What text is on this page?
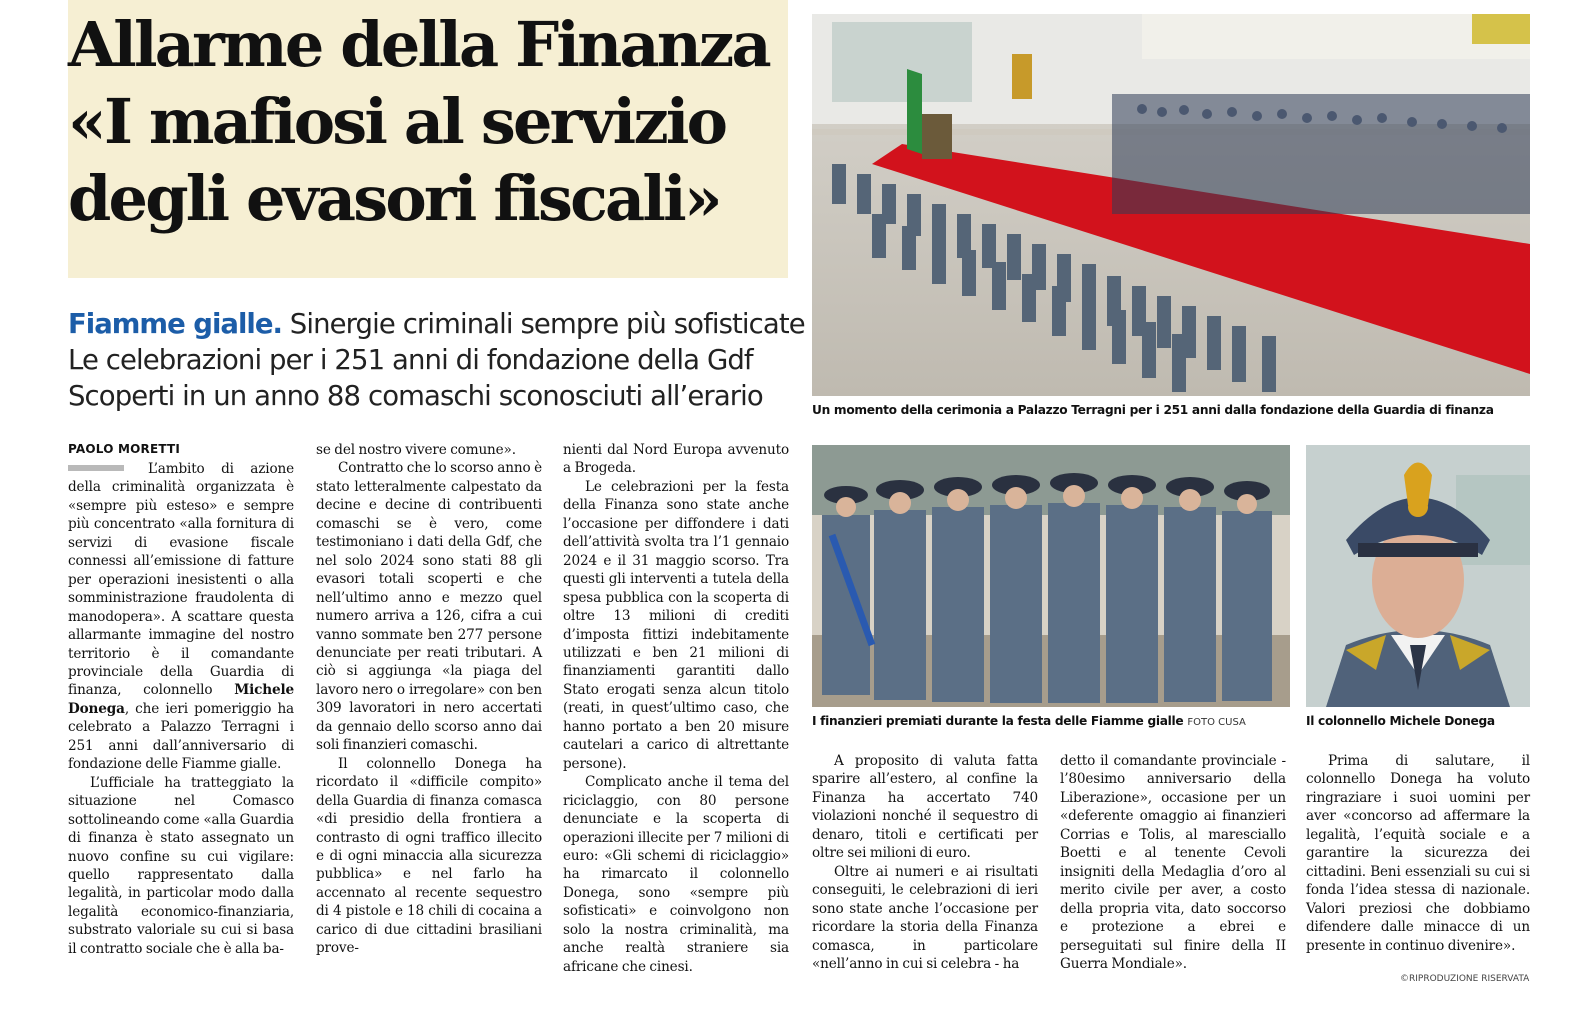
Allarme della Finanza
«I mafiosi al servizio
degli evasori fiscali»
Fiamme gialle. Sinergie criminali sempre più sofisticate
Le celebrazioni per i 251 anni di fondazione della Gdf
Scoperti in un anno 88 comaschi sconosciuti all’erario
PAOLO MORETTI

L’ambito di azione della criminalità organizzata è «sempre più esteso» e sempre più concentrato «alla fornitura di servizi di evasione fiscale connessi all’emissione di fatture per operazioni inesistenti o alla somministrazione fraudolenta di manodopera». A scattare questa allarmante immagine del nostro territorio è il comandante provinciale della Guardia di finanza, colonnello Michele Donega, che ieri pomeriggio ha celebrato a Palazzo Terragni i 251 anni dall’anniversario di fondazione delle Fiamme gialle.

L’ufficiale ha tratteggiato la situazione nel Comasco sottolineando come «alla Guardia di finanza è stato assegnato un nuovo confine su cui vigilare: quello rappresentato dalla legalità, in particolar modo dalla legalità economico-finanziaria, substrato valoriale su cui si basa il contratto sociale che è alla ba-

se del nostro vivere comune».

Contratto che lo scorso anno è stato letteralmente calpestato da decine e decine di contribuenti comaschi se è vero, come testimoniano i dati della Gdf, che nel solo 2024 sono stati 88 gli evasori totali scoperti e che nell’ultimo anno e mezzo quel numero arriva a 126, cifra a cui vanno sommate ben 277 persone denunciate per reati tributari. A ciò si aggiunga «la piaga del lavoro nero o irregolare» con ben 309 lavoratori in nero accertati da gennaio dello scorso anno dai soli finanzieri comaschi.

Il colonnello Donega ha ricordato il «difficile compito» della Guardia di finanza comasca «di presidio della frontiera a contrasto di ogni traffico illecito e di ogni minaccia alla sicurezza pubblica» e nel farlo ha accennato al recente sequestro di 4 pistole e 18 chili di cocaina a carico di due cittadini brasiliani prove-

nienti dal Nord Europa avvenuto a Brogeda.

Le celebrazioni per la festa della Finanza sono state anche l’occasione per diffondere i dati dell’attività svolta tra l’1 gennaio 2024 e il 31 maggio scorso. Tra questi gli interventi a tutela della spesa pubblica con la scoperta di oltre 13 milioni di crediti d’imposta fittizi indebitamente utilizzati e ben 21 milioni di finanziamenti garantiti dallo Stato erogati senza alcun titolo (reati, in quest’ultimo caso, che hanno portato a ben 20 misure cautelari a carico di altrettante persone).

Complicato anche il tema del riciclaggio, con 80 persone denunciate e la scoperta di operazioni illecite per 7 milioni di euro: «Gli schemi di riciclaggio» ha rimarcato il colonnello Donega, sono «sempre più sofisticati» e coinvolgono non solo la nostra criminalità, ma anche realtà straniere sia africane che cinesi.

Un momento della cerimonia a Palazzo Terragni per i 251 anni dalla fondazione della Guardia di finanza
I finanzieri premiati durante la festa delle Fiamme gialle FOTO CUSA	Il colonnello Michele Donega

A proposito di valuta fatta sparire all’estero, al confine la Finanza ha accertato 740 violazioni nonché il sequestro di denaro, titoli e certificati per oltre sei milioni di euro.

Oltre ai numeri e ai risultati conseguiti, le celebrazioni di ieri sono state anche l’occasione per ricordare la storia della Finanza comasca, in particolare «nell’anno in cui si celebra - ha

detto il comandante provinciale - l’80esimo anniversario della Liberazione», occasione per un «deferente omaggio ai finanzieri Corrias e Tolis, al maresciallo Boetti e al tenente Cevoli insigniti della Medaglia d’oro al merito civile per aver, a costo della propria vita, dato soccorso e protezione a ebrei e perseguitati sul finire della II Guerra Mondiale».

Prima di salutare, il colonnello Donega ha voluto ringraziare i suoi uomini per aver «concorso ad affermare la legalità, l’equità sociale e a garantire la sicurezza dei cittadini. Beni essenziali su cui si fonda l’idea stessa di nazionale. Valori preziosi che dobbiamo difendere dalle minacce di un presente in continuo divenire».

©RIPRODUZIONE RISERVATA
